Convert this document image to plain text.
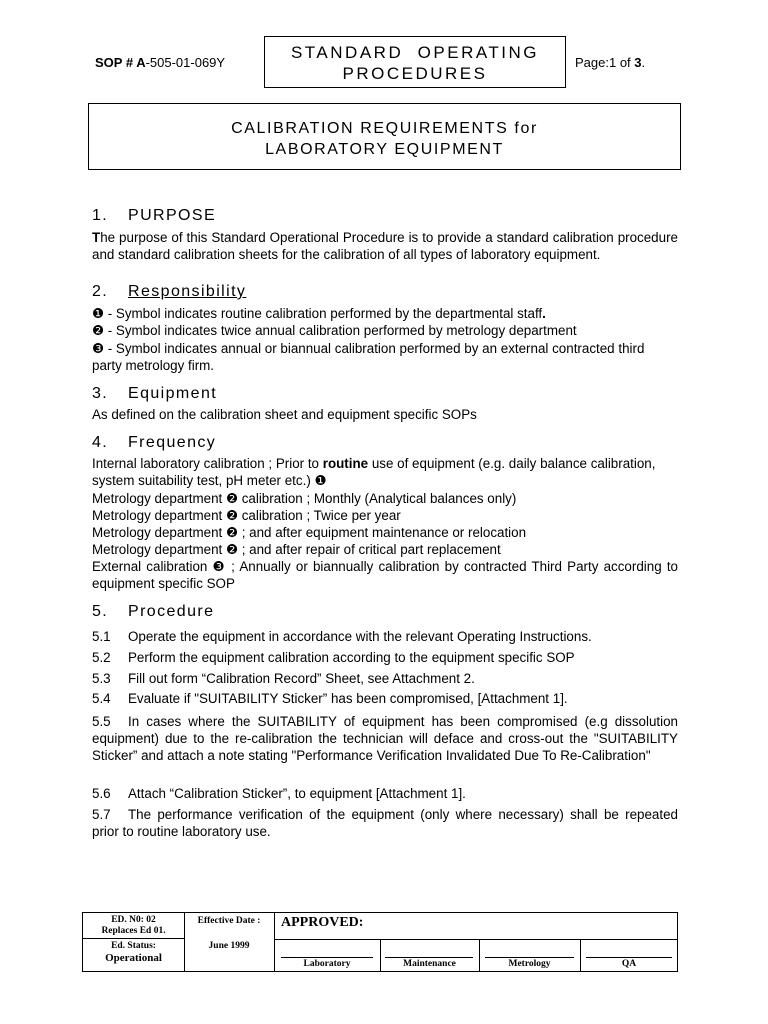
SOP # A-505-01-069Y
STANDARD  OPERATING
PROCEDURES
Page:1 of 3.
CALIBRATION REQUIREMENTS for
LABORATORY EQUIPMENT
1. PURPOSE
The purpose of this Standard Operational Procedure is to provide a standard calibration procedure and standard calibration sheets for the calibration of all types of laboratory equipment.
2. Responsibility
❶ - Symbol indicates routine calibration performed by the departmental staff.
❷ - Symbol indicates twice annual calibration performed by metrology department
❸ - Symbol indicates annual or biannual calibration performed by an external contracted third party metrology firm.
3. Equipment
As defined on the calibration sheet and equipment specific SOPs
4. Frequency
Internal laboratory calibration ; Prior to routine use of equipment (e.g. daily balance calibration, system suitability test, pH meter etc.) ❶
Metrology department ❷ calibration ; Monthly (Analytical balances only)
Metrology department ❷ calibration ; Twice per year
Metrology department ❷ ; and after equipment maintenance or relocation
Metrology department ❷ ; and after repair of critical part replacement
External calibration ❸ ; Annually or biannually calibration by contracted Third Party according to equipment specific SOP
5. Procedure
5.1 Operate the equipment in accordance with the relevant Operating Instructions.
5.2 Perform the equipment calibration according to the equipment specific SOP
5.3 Fill out form “Calibration Record” Sheet, see Attachment 2.
5.4 Evaluate if "SUITABILITY Sticker” has been compromised, [Attachment 1].
5.5 In cases where the SUITABILITY of equipment has been compromised (e.g dissolution equipment) due to the re-calibration the technician will deface and cross-out the "SUITABILITY Sticker” and attach a note stating "Performance Verification Invalidated Due To Re-Calibration"
5.6 Attach “Calibration Sticker”, to equipment [Attachment 1].
5.7 The performance verification of the equipment (only where necessary) shall be repeated prior to routine laboratory use.
ED. N0: 02
Replaces Ed 01.
Ed. Status:
Operational
Effective Date :
June 1999
APPROVED:
Laboratory	Maintenance	Metrology	QA
